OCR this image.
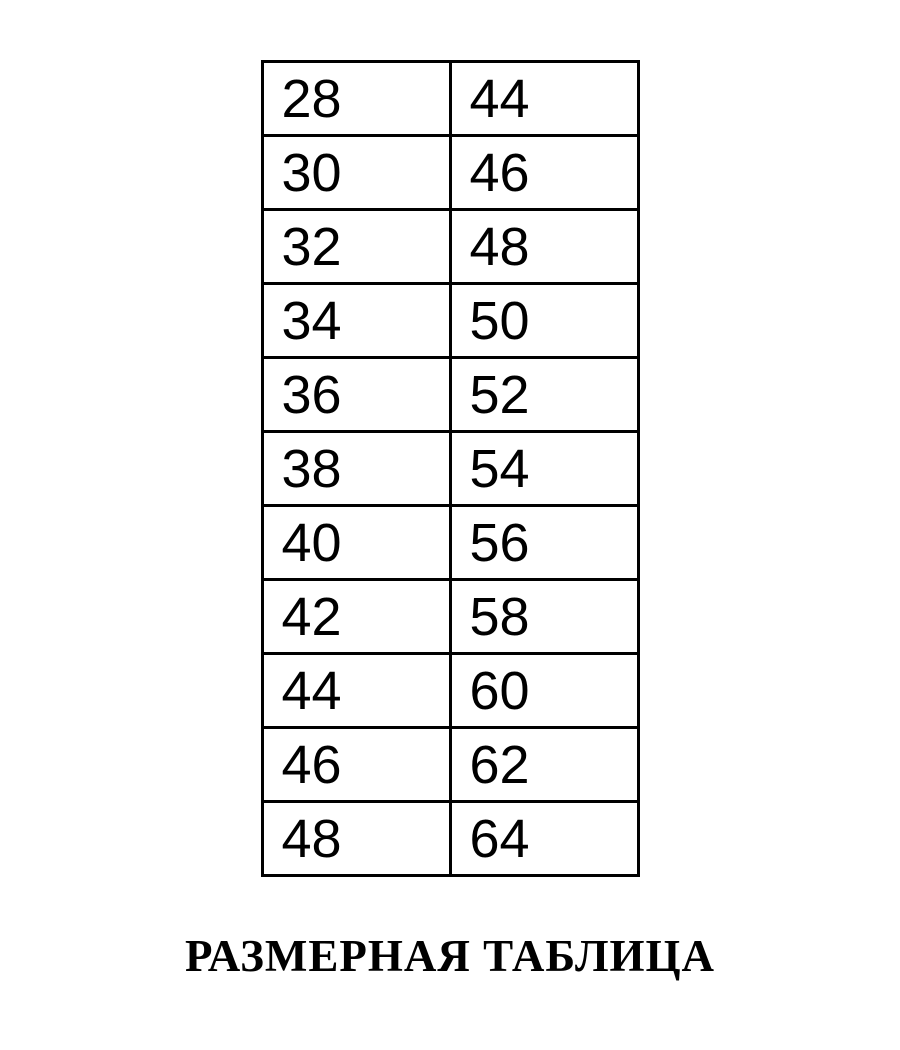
28	44
30	46
32	48
34	50
36	52
38	54
40	56
42	58
44	60
46	62
48	64
РАЗМЕРНАЯ ТАБЛИЦА
